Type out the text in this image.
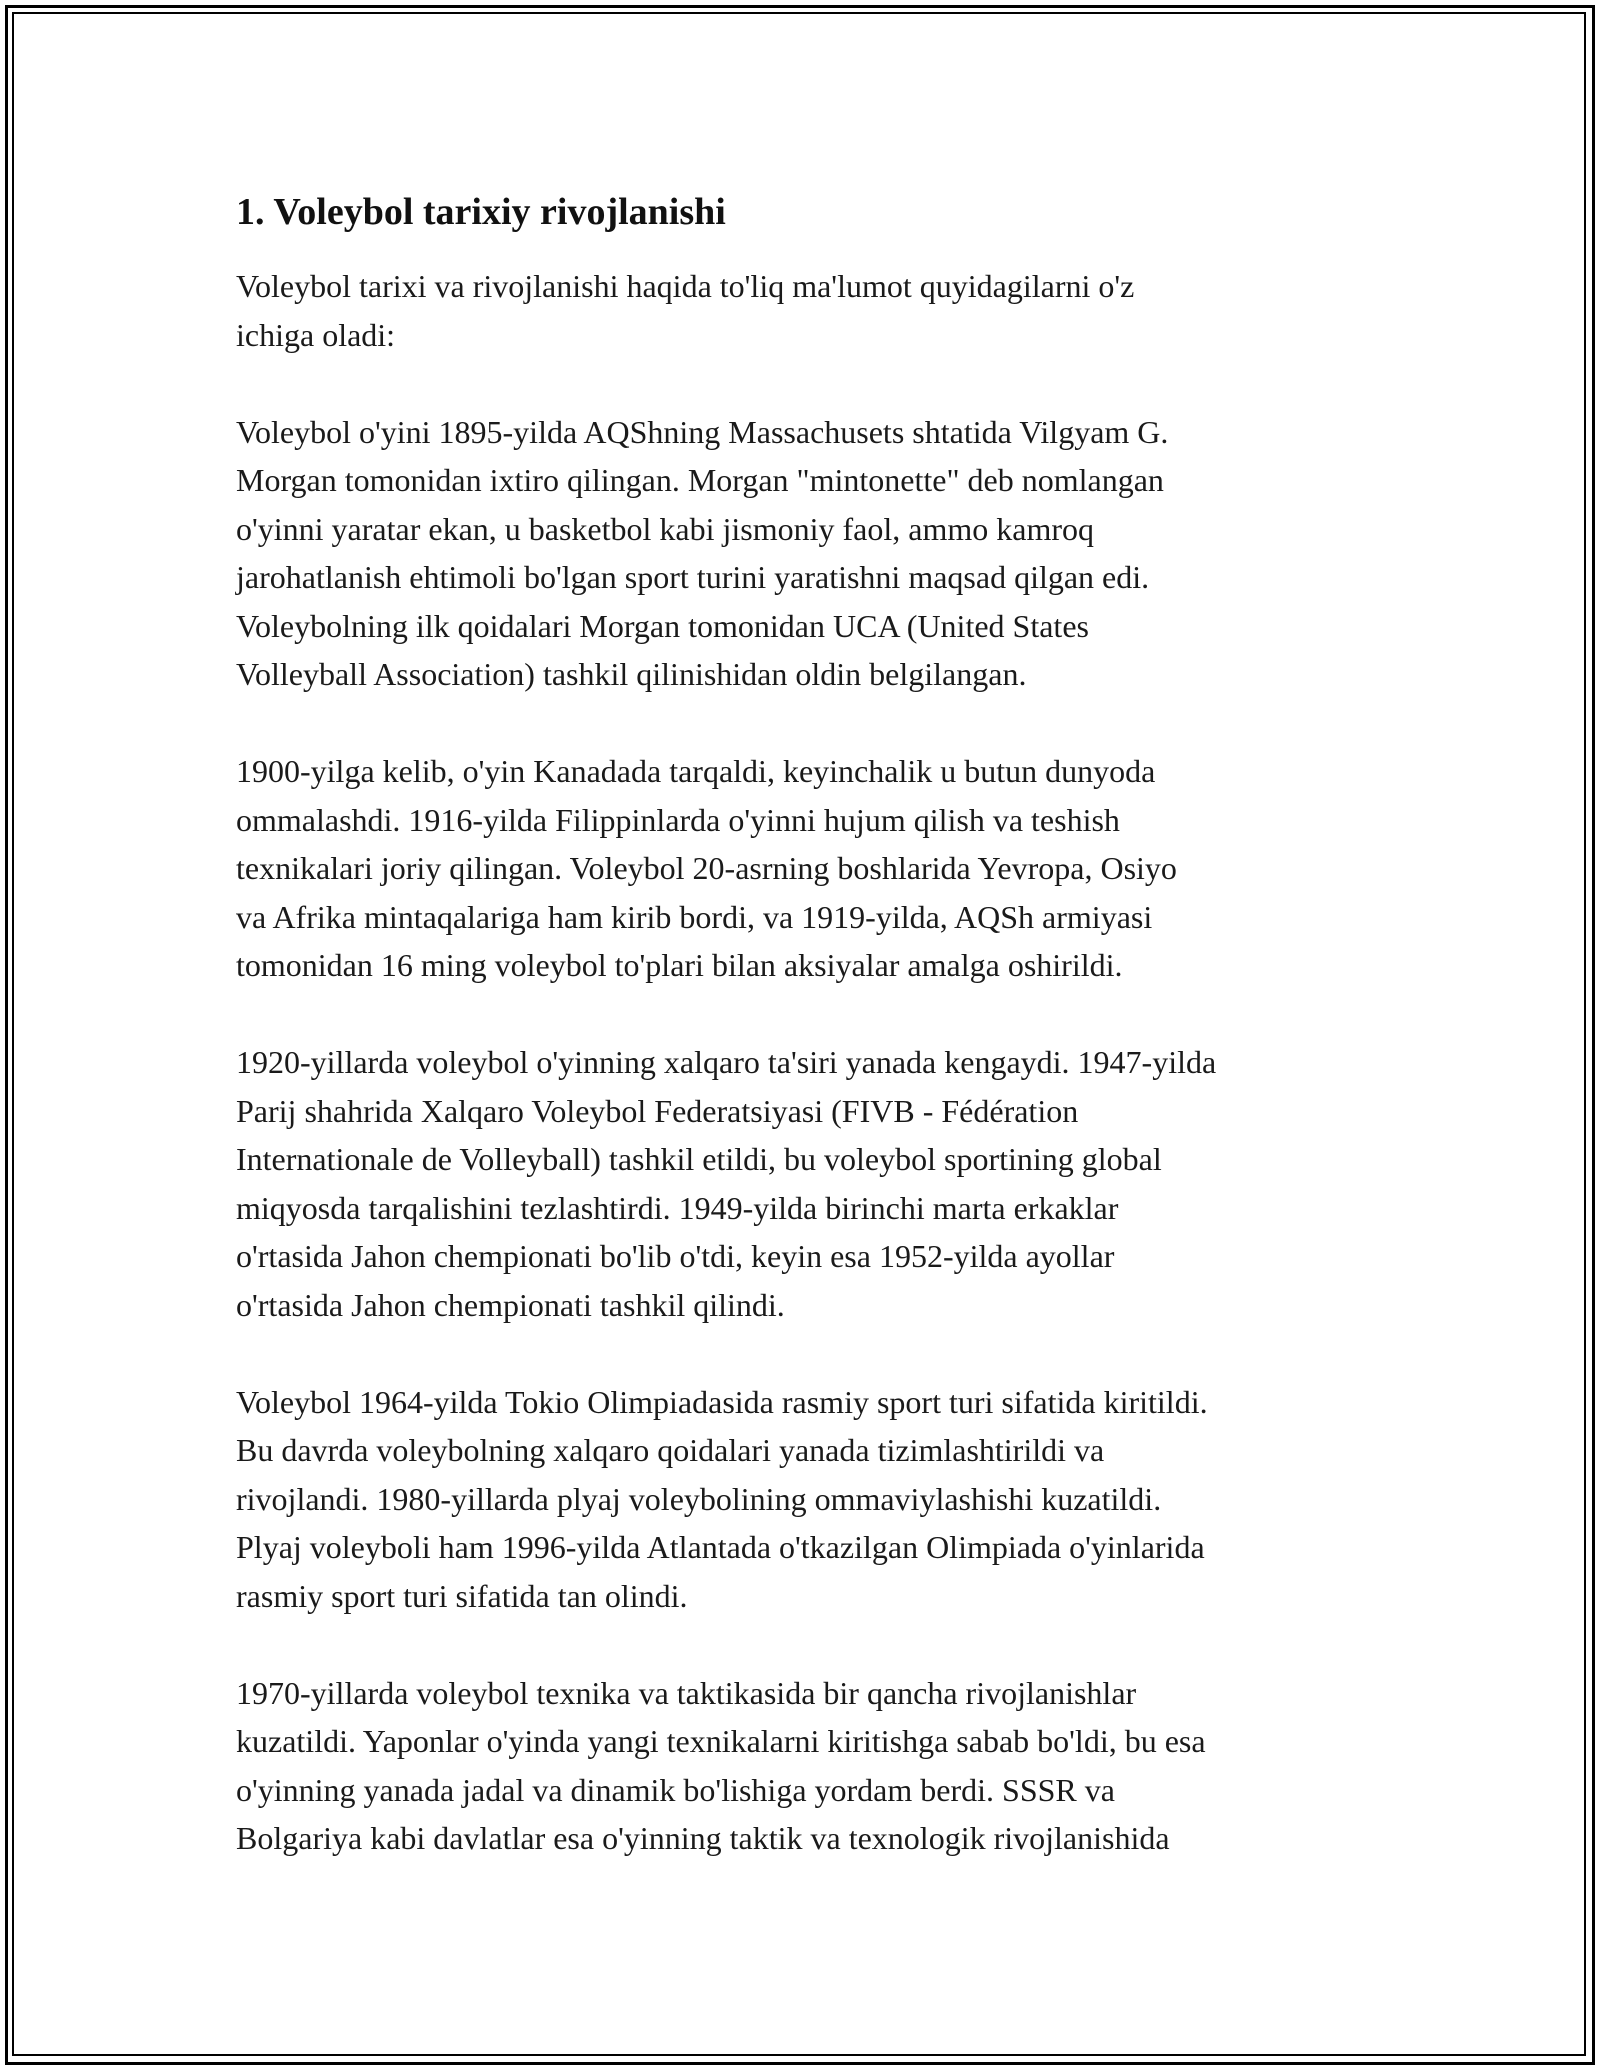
1. Voleybol tarixiy rivojlanishi

Voleybol tarixi va rivojlanishi haqida to'liq ma'lumot quyidagilarni o'z
ichiga oladi:

Voleybol o'yini 1895-yilda AQShning Massachusets shtatida Vilgyam G.
Morgan tomonidan ixtiro qilingan. Morgan "mintonette" deb nomlangan
o'yinni yaratar ekan, u basketbol kabi jismoniy faol, ammo kamroq
jarohatlanish ehtimoli bo'lgan sport turini yaratishni maqsad qilgan edi.
Voleybolning ilk qoidalari Morgan tomonidan UCA (United States
Volleyball Association) tashkil qilinishidan oldin belgilangan.

1900-yilga kelib, o'yin Kanadada tarqaldi, keyinchalik u butun dunyoda
ommalashdi. 1916-yilda Filippinlarda o'yinni hujum qilish va teshish
texnikalari joriy qilingan. Voleybol 20-asrning boshlarida Yevropa, Osiyo
va Afrika mintaqalariga ham kirib bordi, va 1919-yilda, AQSh armiyasi
tomonidan 16 ming voleybol to'plari bilan aksiyalar amalga oshirildi.

1920-yillarda voleybol o'yinning xalqaro ta'siri yanada kengaydi. 1947-yilda
Parij shahrida Xalqaro Voleybol Federatsiyasi (FIVB - Fédération
Internationale de Volleyball) tashkil etildi, bu voleybol sportining global
miqyosda tarqalishini tezlashtirdi. 1949-yilda birinchi marta erkaklar
o'rtasida Jahon chempionati bo'lib o'tdi, keyin esa 1952-yilda ayollar
o'rtasida Jahon chempionati tashkil qilindi.

Voleybol 1964-yilda Tokio Olimpiadasida rasmiy sport turi sifatida kiritildi.
Bu davrda voleybolning xalqaro qoidalari yanada tizimlashtirildi va
rivojlandi. 1980-yillarda plyaj voleybolining ommaviylashishi kuzatildi.
Plyaj voleyboli ham 1996-yilda Atlantada o'tkazilgan Olimpiada o'yinlarida
rasmiy sport turi sifatida tan olindi.

1970-yillarda voleybol texnika va taktikasida bir qancha rivojlanishlar
kuzatildi. Yaponlar o'yinda yangi texnikalarni kiritishga sabab bo'ldi, bu esa
o'yinning yanada jadal va dinamik bo'lishiga yordam berdi. SSSR va
Bolgariya kabi davlatlar esa o'yinning taktik va texnologik rivojlanishida
